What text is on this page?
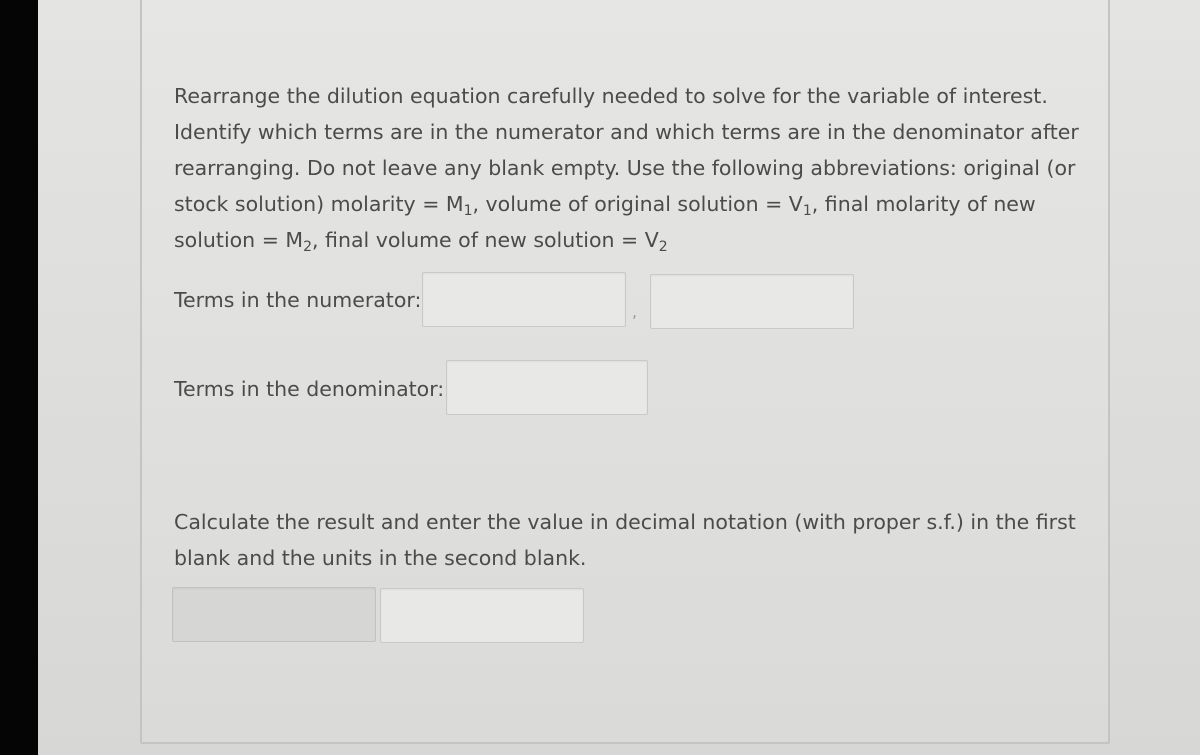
Rearrange the dilution equation carefully needed to solve for the variable of interest.
Identify which terms are in the numerator and which terms are in the denominator after
rearranging. Do not leave any blank empty. Use the following abbreviations: original (or
stock solution) molarity = $M_1$, volume of original solution = $V_1$, final molarity of new
solution = $M_2$, final volume of new solution = $V_2$
Terms in the numerator:	,
Terms in the denominator:
Calculate the result and enter the value in decimal notation (with proper s.f.) in the first
blank and the units in the second blank.
